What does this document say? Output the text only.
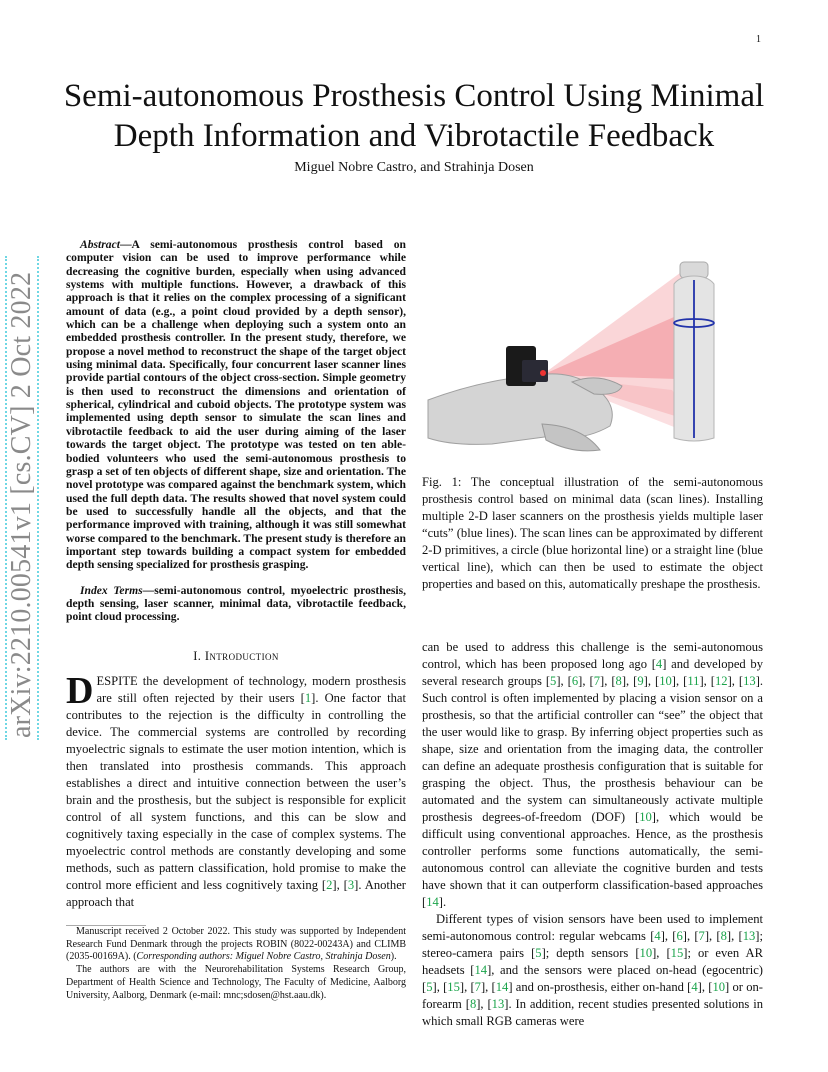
1
arXiv:2210.00541v1 [cs.CV] 2 Oct 2022
Semi-autonomous Prosthesis Control Using Minimal
Depth Information and Vibrotactile Feedback
Miguel Nobre Castro, and Strahinja Dosen

Abstract—A semi-autonomous prosthesis control based on computer vision can be used to improve performance while decreasing the cognitive burden, especially when using advanced systems with multiple functions. However, a drawback of this approach is that it relies on the complex processing of a significant amount of data (e.g., a point cloud provided by a depth sensor), which can be a challenge when deploying such a system onto an embedded prosthesis controller. In the present study, therefore, we propose a novel method to reconstruct the shape of the target object using minimal data. Specifically, four concurrent laser scanner lines provide partial contours of the object cross-section. Simple geometry is then used to reconstruct the dimensions and orientation of spherical, cylindrical and cuboid objects. The prototype system was implemented using depth sensor to simulate the scan lines and vibrotactile feedback to aid the user during aiming of the laser towards the target object. The prototype was tested on ten able-bodied volunteers who used the semi-autonomous prosthesis to grasp a set of ten objects of different shape, size and orientation. The novel prototype was compared against the benchmark system, which used the full depth data. The results showed that novel system could be used to successfully handle all the objects, and that the performance improved with training, although it was still somewhat worse compared to the benchmark. The present study is therefore an important step towards building a compact system for embedded depth sensing specialized for prosthesis grasping.

Index Terms—semi-autonomous control, myoelectric prosthesis, depth sensing, laser scanner, minimal data, vibrotactile feedback, point cloud processing.

I. Introduction

DESPITE the development of technology, modern prosthesis are still often rejected by their users [1]. One factor that contributes to the rejection is the difficulty in controlling the device. The commercial systems are controlled by recording myoelectric signals to estimate the user motion intention, which is then translated into prosthesis commands. This approach establishes a direct and intuitive connection between the user’s brain and the prosthesis, but the subject is responsible for explicit control of all system functions, and this can be slow and cognitively taxing especially in the case of complex systems. The myoelectric control methods are constantly developing and some methods, such as pattern classification, hold promise to make the control more efficient and less cognitively taxing [2], [3]. Another approach that

Manuscript received 2 October 2022. This study was supported by Independent Research Fund Denmark through the projects ROBIN (8022-00243A) and CLIMB (2035-00169A). (Corresponding authors: Miguel Nobre Castro, Strahinja Dosen).

The authors are with the Neurorehabilitation Systems Research Group, Department of Health Science and Technology, The Faculty of Medicine, Aalborg University, Aalborg, Denmark (e-mail: mnc;sdosen@hst.aau.dk).

Fig. 1: The conceptual illustration of the semi-autonomous prosthesis control based on minimal data (scan lines). Installing multiple 2-D laser scanners on the prosthesis yields multiple laser “cuts” (blue lines). The scan lines can be approximated by different 2-D primitives, a circle (blue horizontal line) or a straight line (blue vertical line), which can then be used to estimate the object properties and based on this, automatically preshape the prosthesis.

can be used to address this challenge is the semi-autonomous control, which has been proposed long ago [4] and developed by several research groups [5], [6], [7], [8], [9], [10], [11], [12], [13]. Such control is often implemented by placing a vision sensor on a prosthesis, so that the artificial controller can “see” the object that the user would like to grasp. By inferring object properties such as shape, size and orientation from the imaging data, the controller can define an adequate prosthesis configuration that is suitable for grasping the object. Thus, the prosthesis behaviour can be automated and the system can simultaneously activate multiple prosthesis degrees-of-freedom (DOF) [10], which would be difficult using conventional approaches. Hence, as the prosthesis controller performs some functions automatically, the semi-autonomous control can alleviate the cognitive burden and tests have shown that it can outperform classification-based approaches [14].

Different types of vision sensors have been used to implement semi-autonomous control: regular webcams [4], [6], [7], [8], [13]; stereo-camera pairs [5]; depth sensors [10], [15]; or even AR headsets [14], and the sensors were placed on-head (egocentric) [5], [15], [7], [14] and on-prosthesis, either on-hand [4], [10] or on-forearm [8], [13]. In addition, recent studies presented solutions in which small RGB cameras were
